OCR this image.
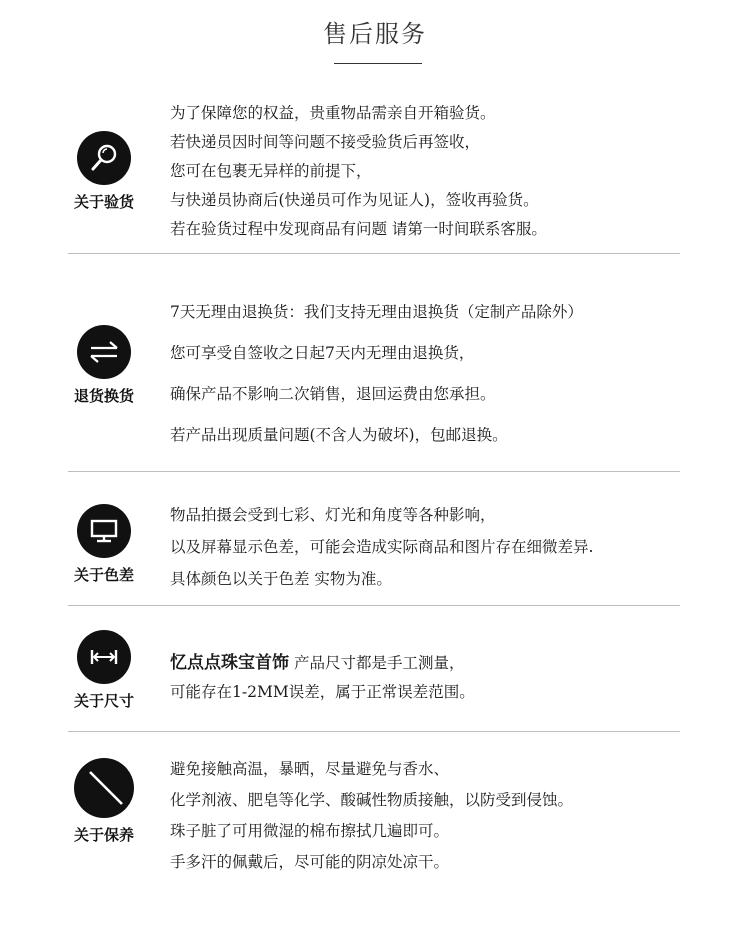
售后服务
关于验货
为了保障您的权益，贵重物品需亲自开箱验货。
若快递员因时间等问题不接受验货后再签收，
您可在包裹无异样的前提下，
与快递员协商后(快递员可作为见证人)，签收再验货。
若在验货过程中发现商品有问题 请第一时间联系客服。
退货换货
7天无理由退换货：我们支持无理由退换货（定制产品除外）
您可享受自签收之日起7天内无理由退换货，
确保产品不影响二次销售，退回运费由您承担。
若产品出现质量问题(不含人为破坏)，包邮退换。
关于色差
物品拍摄会受到七彩、灯光和角度等各种影响，
以及屏幕显示色差，可能会造成实际商品和图片存在细微差异.
具体颜色以关于色差 实物为准。
关于尺寸
忆点点珠宝首饰 产品尺寸都是手工测量，
可能存在1-2MM误差，属于正常误差范围。
关于保养
避免接触高温，暴晒，尽量避免与香水、
化学剂液、肥皂等化学、酸碱性物质接触，以防受到侵蚀。
珠子脏了可用微湿的棉布擦拭几遍即可。
手多汗的佩戴后，尽可能的阴凉处凉干。
